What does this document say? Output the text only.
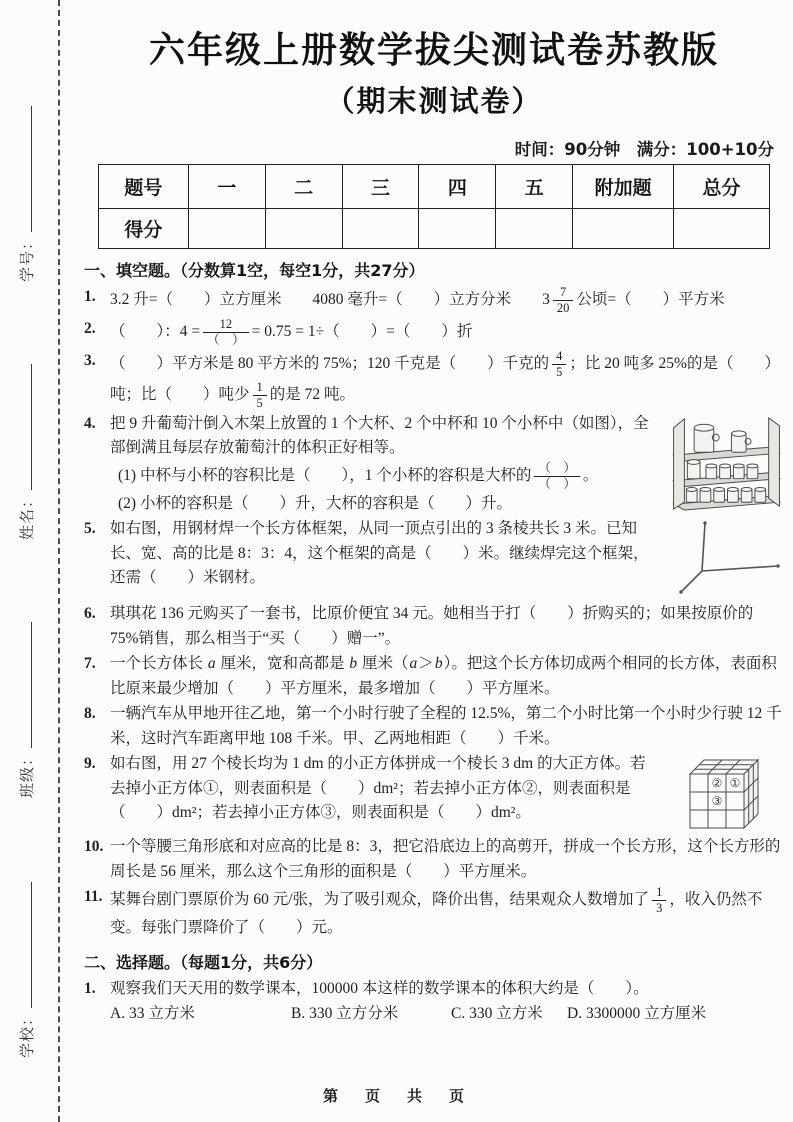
学号：
姓名：
班级：
学校：
六年级上册数学拔尖测试卷苏教版
（期末测试卷）
时间：90分钟　满分：100+10分
题号	一	二	三	四	五	附加题	总分
得分							
一、填空题。（分数算1空，每空1分，共27分）
1. 3.2 升=（　　）立方厘米　　4080 毫升=（　　）立方分米　　$3 \frac{7}{20}$ 公顷=（　　）平方米
2. （　　）：$4 = \frac{12}{( )} = 0.75 = 1\div$（　　）=（　　）折
3. （　　）平方米是 80 平方米的 75%；120 千克是（　　）千克的 $\frac{4}{5}$ ；比 20 吨多 25%的是（　　）吨；比（　　）吨少 $\frac{1}{5}$ 的是 72 吨。
4. 把 9 升葡萄汁倒入木架上放置的 1 个大杯、2 个中杯和 10 个小杯中（如图），全部倒满且每层存放葡萄汁的体积正好相等。
(1) 中杯与小杯的容积比是（　　），1 个小杯的容积是大杯的 $\frac{( )}{( )}$ 。
(2) 小杯的容积是（　　）升，大杯的容积是（　　）升。
5. 如右图，用钢材焊一个长方体框架，从同一顶点引出的 3 条棱共长 3 米。已知长、宽、高的比是 8：3：4，这个框架的高是（　　）米。继续焊完这个框架，还需（　　）米钢材。
6. 琪琪花 136 元购买了一套书，比原价便宜 34 元。她相当于打（　　）折购买的；如果按原价的 75%销售，那么相当于“买（　　）赠一”。
7. 一个长方体长 a 厘米，宽和高都是 b 厘米（a＞b）。把这个长方体切成两个相同的长方体，表面积比原来最少增加（　　）平方厘米，最多增加（　　）平方厘米。
8. 一辆汽车从甲地开往乙地，第一个小时行驶了全程的 12.5%，第二个小时比第一个小时少行驶 12 千米，这时汽车距离甲地 108 千米。甲、乙两地相距（　　）千米。
9.
② ①
③
如右图，用 27 个棱长均为 1 dm 的小正方体拼成一个棱长 3 dm 的大正方体。若去掉小正方体①，则表面积是（　　）dm²；若去掉小正方体②，则表面积是（　　）dm²；若去掉小正方体③，则表面积是（　　）dm²。
10. 一个等腰三角形底和对应高的比是 8：3，把它沿底边上的高剪开，拼成一个长方形，这个长方形的周长是 56 厘米，那么这个三角形的面积是（　　）平方厘米。
11. 某舞台剧门票原价为 60 元/张，为了吸引观众，降价出售，结果观众人数增加了 $\frac{1}{3}$ ，收入仍然不变。每张门票降价了（　　）元。
二、选择题。（每题1分，共6分）
1. 观察我们天天用的数学课本，100000 本这样的数学课本的体积大约是（　　）。
A. 33 立方米	B. 330 立方分米	C. 330 立方米	D. 3300000 立方厘米
第　页　共　页
